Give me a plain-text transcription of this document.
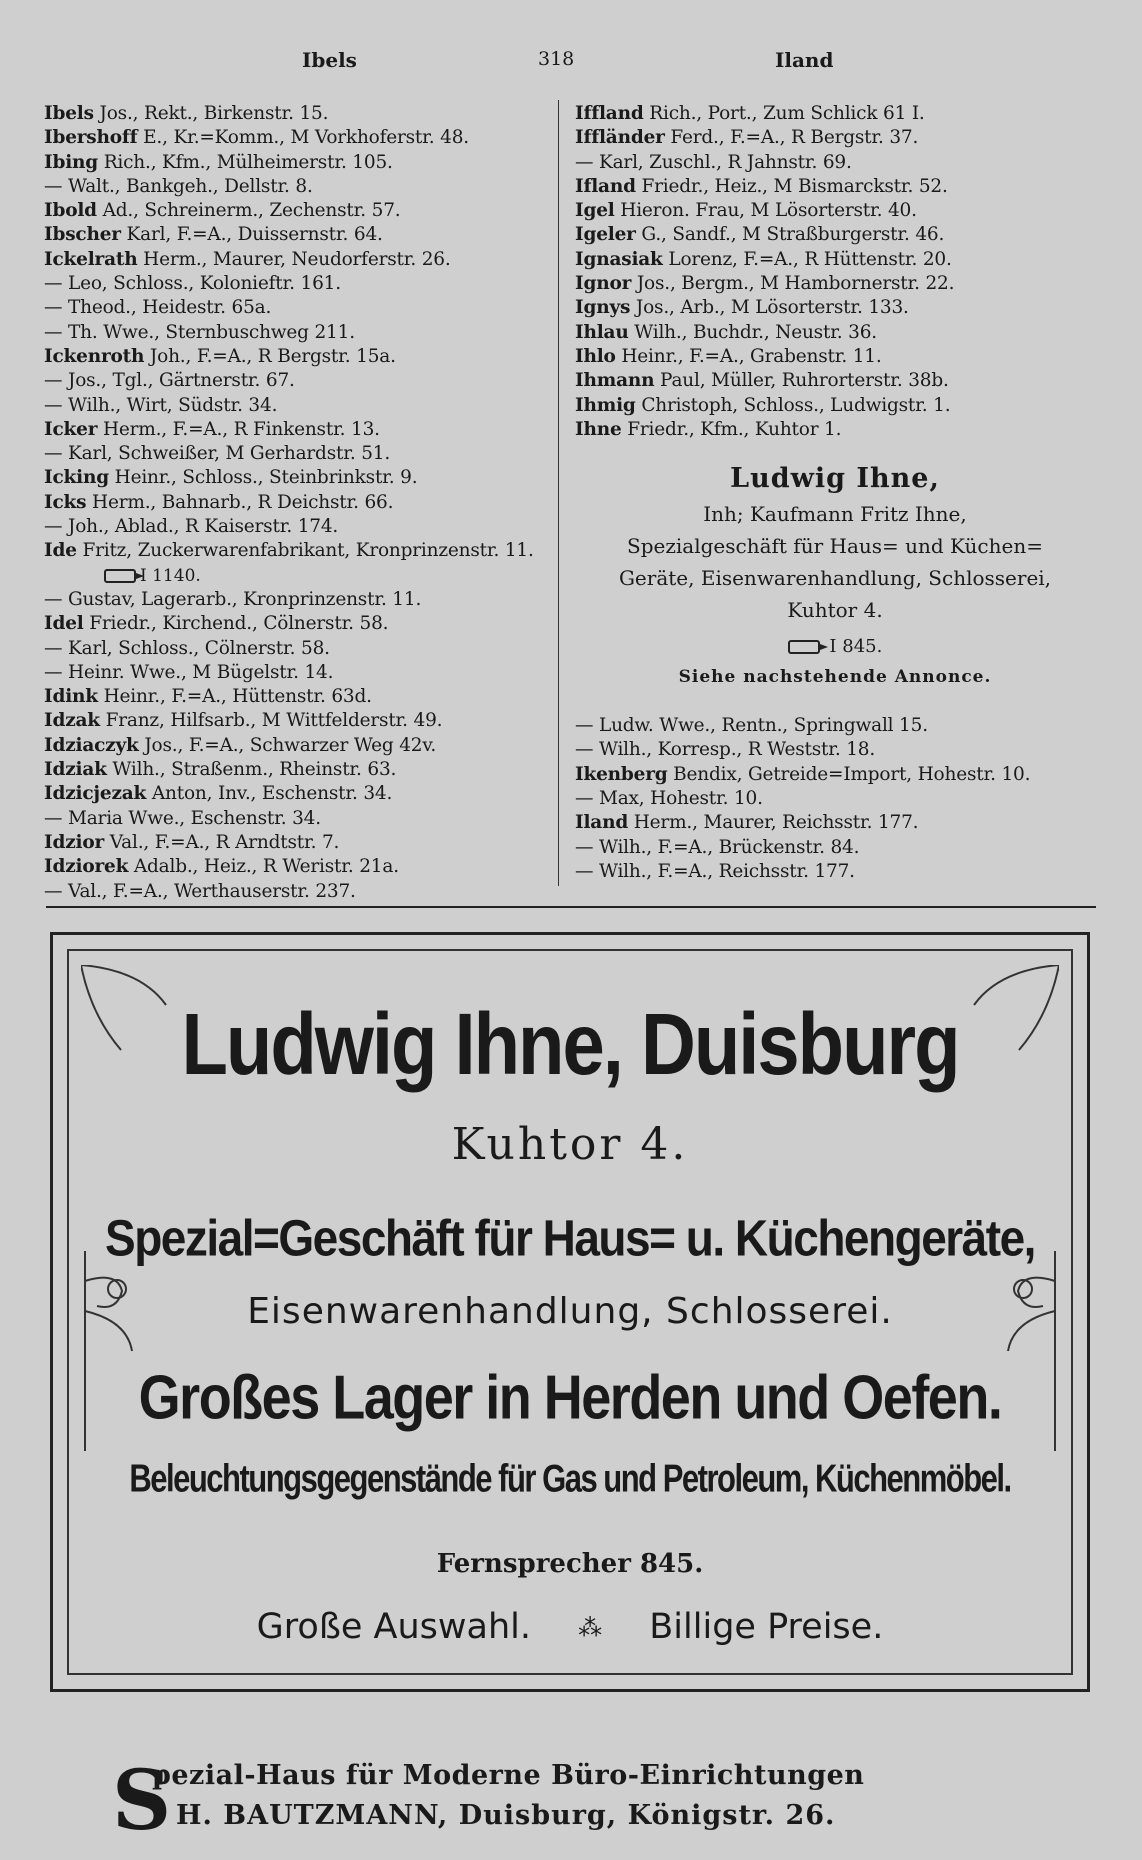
Ibels	318	Iland
Ibels Jos., Rekt., Birkenstr. 15.
Ibershoff E., Kr.=Komm., M Vorkhoferstr. 48.
Ibing Rich., Kfm., Mülheimerstr. 105.
— Walt., Bankgeh., Dellstr. 8.
Ibold Ad., Schreinerm., Zechenstr. 57.
Ibscher Karl, F.=A., Duissernstr. 64.
Ickelrath Herm., Maurer, Neudorferstr. 26.
— Leo, Schloss., Kolonieftr. 161.
— Theod., Heidestr. 65a.
— Th. Wwe., Sternbuschweg 211.
Ickenroth Joh., F.=A., R Bergstr. 15a.
— Jos., Tgl., Gärtnerstr. 67.
— Wilh., Wirt, Südstr. 34.
Icker Herm., F.=A., R Finkenstr. 13.
— Karl, Schweißer, M Gerhardstr. 51.
Icking Heinr., Schloss., Steinbrinkstr. 9.
Icks Herm., Bahnarb., R Deichstr. 66.
— Joh., Ablad., R Kaiserstr. 174.
Ide Fritz, Zuckerwarenfabrikant, Kronprinzenstr. 11.
I 1140.
— Gustav, Lagerarb., Kronprinzenstr. 11.
Idel Friedr., Kirchend., Cölnerstr. 58.
— Karl, Schloss., Cölnerstr. 58.
— Heinr. Wwe., M Bügelstr. 14.
Idink Heinr., F.=A., Hüttenstr. 63d.
Idzak Franz, Hilfsarb., M Wittfelderstr. 49.
Idziaczyk Jos., F.=A., Schwarzer Weg 42v.
Idziak Wilh., Straßenm., Rheinstr. 63.
Idzicjezak Anton, Inv., Eschenstr. 34.
— Maria Wwe., Eschenstr. 34.
Idzior Val., F.=A., R Arndtstr. 7.
Idziorek Adalb., Heiz., R Weristr. 21a.
— Val., F.=A., Werthauserstr. 237.
Iffland Rich., Port., Zum Schlick 61 I.
Iffländer Ferd., F.=A., R Bergstr. 37.
— Karl, Zuschl., R Jahnstr. 69.
Ifland Friedr., Heiz., M Bismarckstr. 52.
Igel Hieron. Frau, M Lösorterstr. 40.
Igeler G., Sandf., M Straßburgerstr. 46.
Ignasiak Lorenz, F.=A., R Hüttenstr. 20.
Ignor Jos., Bergm., M Hambornerstr. 22.
Ignys Jos., Arb., M Lösorterstr. 133.
Ihlau Wilh., Buchdr., Neustr. 36.
Ihlo Heinr., F.=A., Grabenstr. 11.
Ihmann Paul, Müller, Ruhrorterstr. 38b.
Ihmig Christoph, Schloss., Ludwigstr. 1.
Ihne Friedr., Kfm., Kuhtor 1.
Ludwig Ihne,
Inh; Kaufmann Fritz Ihne,
Spezialgeschäft für Haus= und Küchen=
Geräte, Eisenwarenhandlung, Schlosserei,
Kuhtor 4.
I 845.
Siehe nachstehende Annonce.
— Ludw. Wwe., Rentn., Springwall 15.
— Wilh., Korresp., R Weststr. 18.
Ikenberg Bendix, Getreide=Import, Hohestr. 10.
— Max, Hohestr. 10.
Iland Herm., Maurer, Reichsstr. 177.
— Wilh., F.=A., Brückenstr. 84.
— Wilh., F.=A., Reichsstr. 177.
Ludwig Ihne, Duisburg
Kuhtor 4.
Spezial=Geschäft für Haus= u. Küchengeräte,
Eisenwarenhandlung, Schlosserei.
Großes Lager in Herden und Oefen.
Beleuchtungsgegenstände für Gas und Petroleum, Küchenmöbel.
Fernsprecher 845.
Große Auswahl. ⁂ Billige Preise.
S
pezial-Haus für Moderne Büro-Einrichtungen
H. BAUTZMANN, Duisburg, Königstr. 26.
